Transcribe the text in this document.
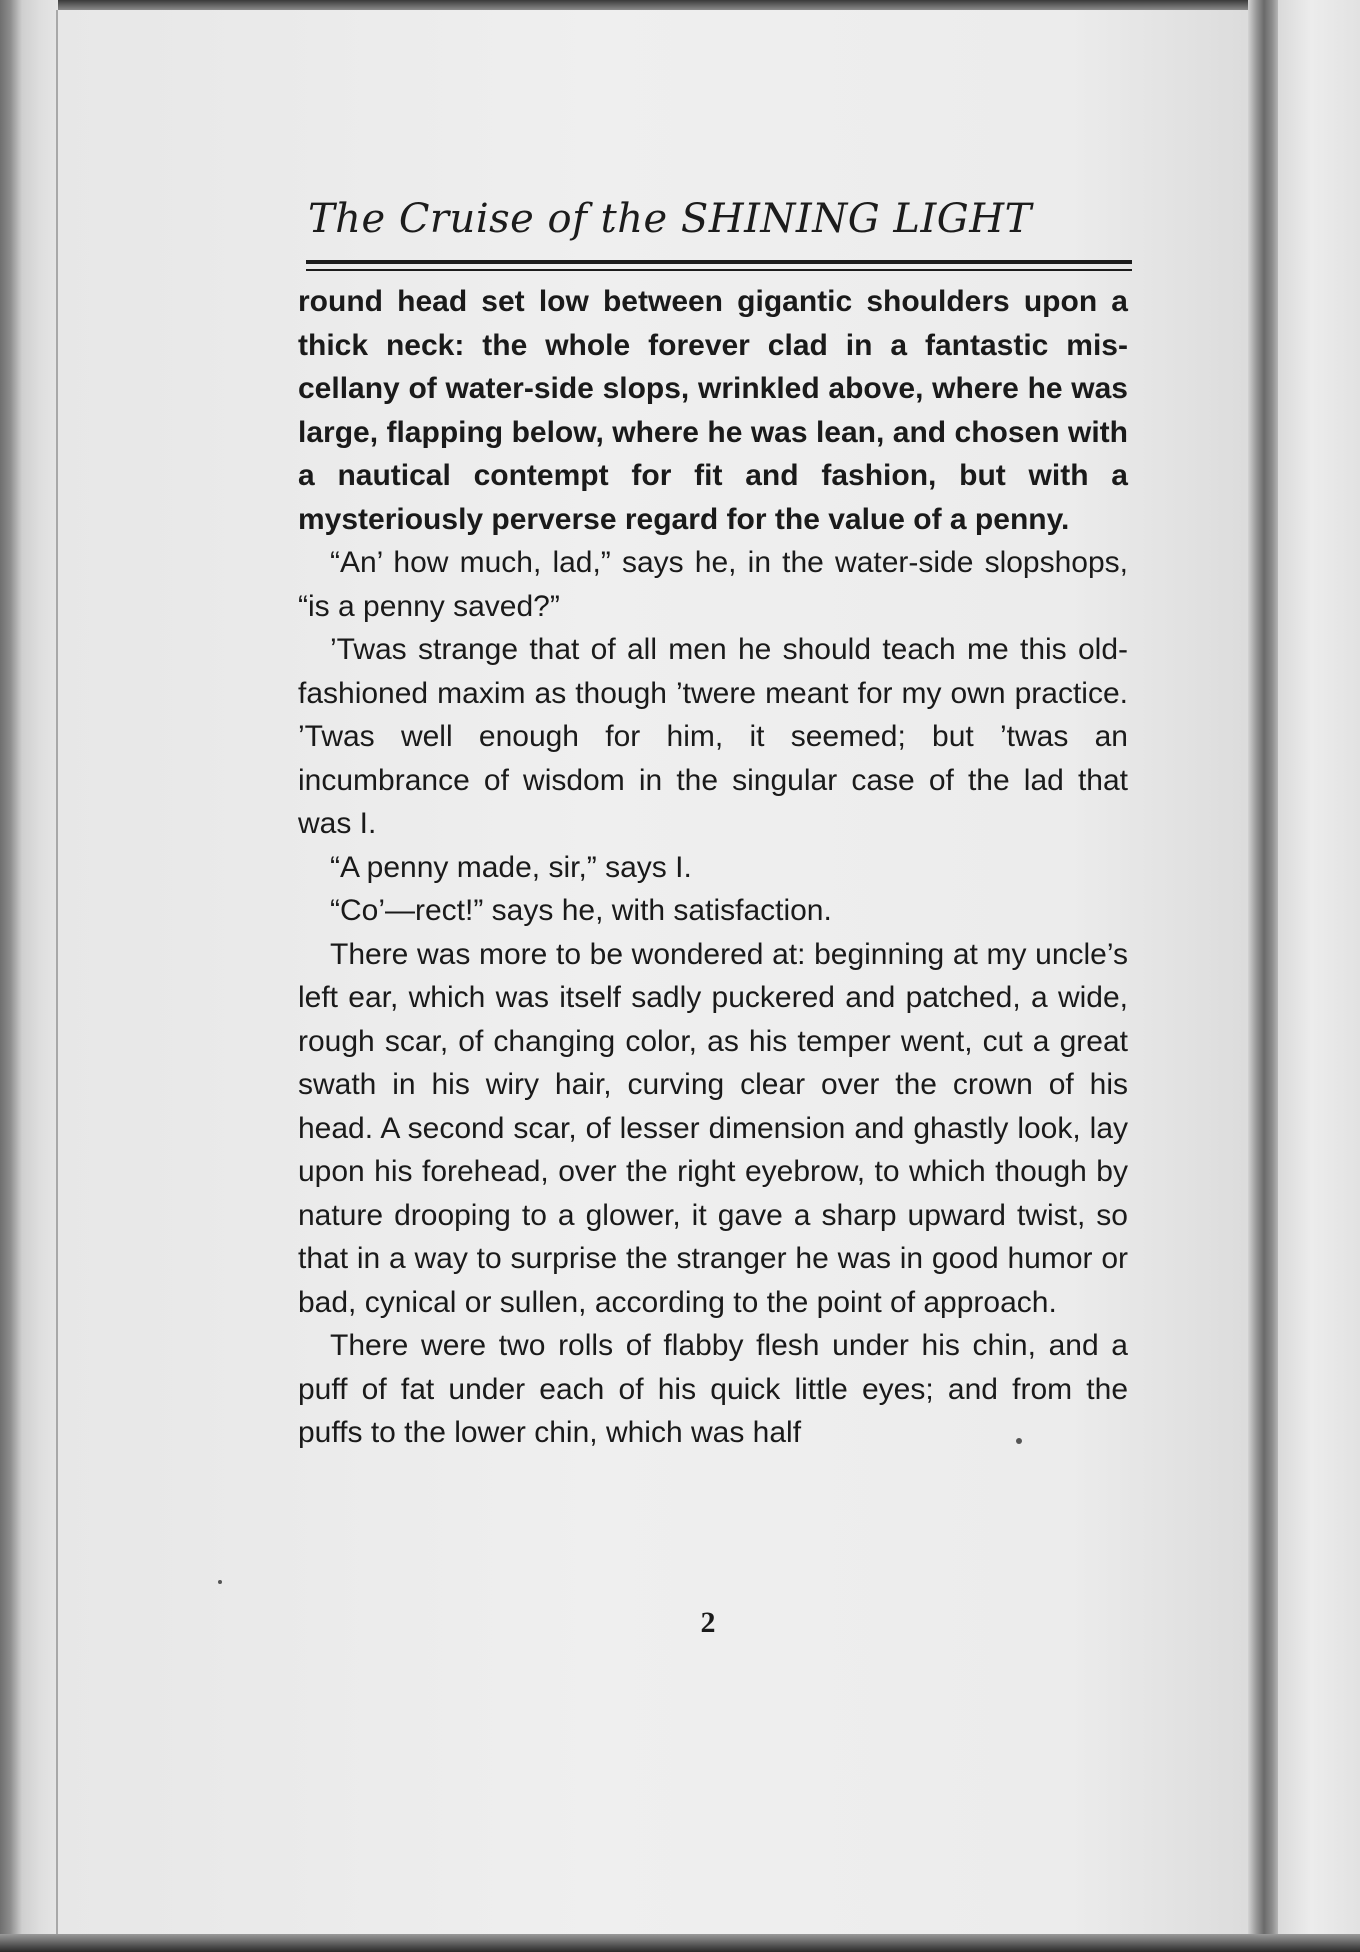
The Cruise of the SHINING LIGHT

round head set low between gigantic shoulders upon a thick neck: the whole forever clad in a fantastic miscellany of water-side slops, wrinkled above, where he was large, flapping below, where he was lean, and chosen with a nautical contempt for fit and fashion, but with a mysteriously perverse regard for the value of a penny.

“An’ how much, lad,” says he, in the water-side slopshops, “is a penny saved?”

’Twas strange that of all men he should teach me this old-fashioned maxim as though ’twere meant for my own practice. ’Twas well enough for him, it seemed; but ’twas an incumbrance of wisdom in the singular case of the lad that was I.

“A penny made, sir,” says I.

“Co’—rect!” says he, with satisfaction.

There was more to be wondered at: beginning at my uncle’s left ear, which was itself sadly puckered and patched, a wide, rough scar, of changing color, as his temper went, cut a great swath in his wiry hair, curving clear over the crown of his head. A second scar, of lesser dimension and ghastly look, lay upon his forehead, over the right eyebrow, to which though by nature drooping to a glower, it gave a sharp upward twist, so that in a way to surprise the stranger he was in good humor or bad, cynical or sullen, according to the point of approach.

There were two rolls of flabby flesh under his chin, and a puff of fat under each of his quick little eyes; and from the puffs to the lower chin, which was half

2
